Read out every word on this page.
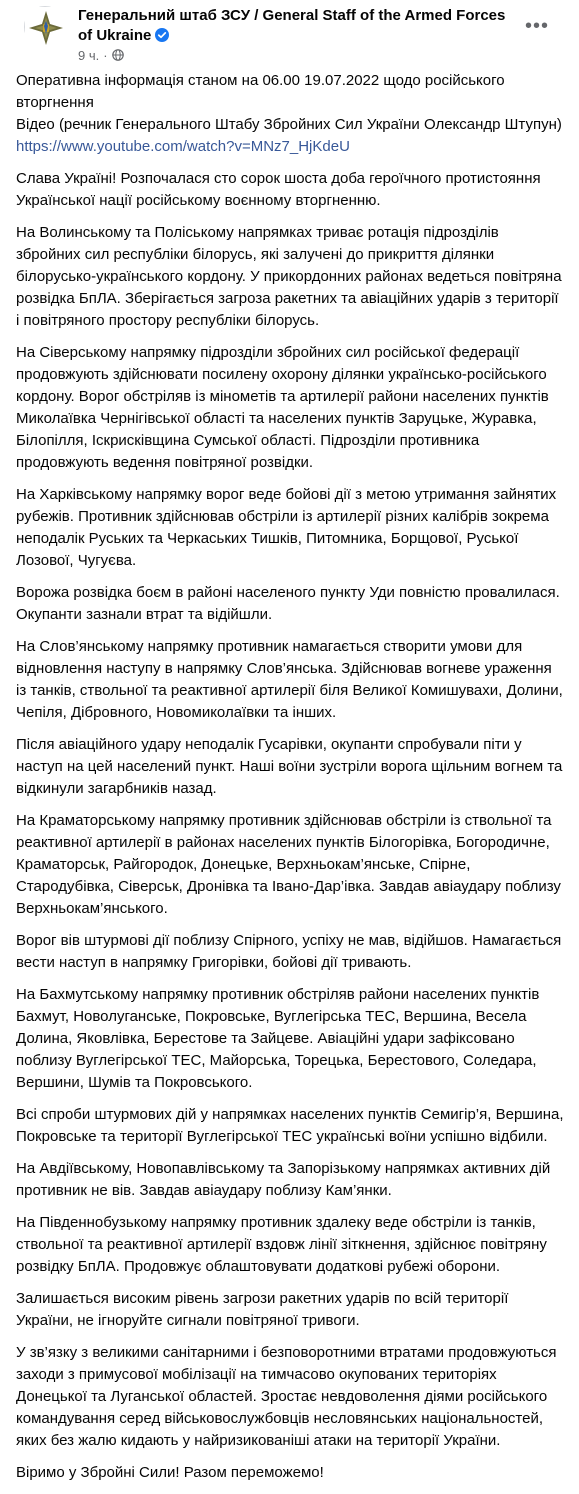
Генеральний штаб ЗСУ / General Staff of the Armed Forces of Ukraine
9 ч. ·
•••

Оперативна інформація станом на 06.00 19.07.2022 щодо російського вторгнення
Відео (речник Генерального Штабу Збройних Сил України Олександр Штупун)
https://www.youtube.com/watch?v=MNz7_HjKdeU

Слава Україні! Розпочалася сто сорок шоста доба героїчного протистояння Української нації російському воєнному вторгненню.

На Волинському та Поліському напрямках триває ротація підрозділів збройних сил республіки білорусь, які залучені до прикриття ділянки білорусько-українського кордону. У прикордонних районах ведеться повітряна розвідка БпЛА. Зберігається загроза ракетних та авіаційних ударів з території і повітряного простору республіки білорусь.

На Сіверському напрямку підрозділи збройних сил російської федерації продовжують здійснювати посилену охорону ділянки українсько-російського кордону. Ворог обстріляв із мінометів та артилерії райони населених пунктів Миколаївка Чернігівської області та населених пунктів Заруцьке, Журавка, Білопілля, Іскрисківщина Сумської області. Підрозділи противника продовжують ведення повітряної розвідки.

На Харківському напрямку ворог веде бойові дії з метою утримання зайнятих рубежів. Противник здійснював обстріли із артилерії різних калібрів зокрема неподалік Руських та Черкаських Тишків, Питомника, Борщової, Руської Лозової, Чугуєва.

Ворожа розвідка боєм в районі населеного пункту Уди повністю провалилася. Окупанти зазнали втрат та відійшли.

На Слов’янському напрямку противник намагається створити умови для відновлення наступу в напрямку Слов’янська. Здійснював вогневе ураження із танків, ствольної та реактивної артилерії біля Великої Комишувахи, Долини, Чепіля, Дібровного, Новомиколаївки та інших.

Після авіаційного удару неподалік Гусарівки, окупанти спробували піти у наступ на цей населений пункт. Наші воїни зустріли ворога щільним вогнем та відкинули загарбників назад.

На Краматорському напрямку противник здійснював обстріли із ствольної та реактивної артилерії в районах населених пунктів Білогорівка, Богородичне, Краматорськ, Райгородок, Донецьке, Верхньокам’янське, Спірне, Стародубівка, Сіверськ, Дронівка та Івано-Дар’івка. Завдав авіаудару поблизу Верхньокам’янського.

Ворог вів штурмові дії поблизу Спірного, успіху не мав, відійшов. Намагається вести наступ в напрямку Григорівки, бойові дії тривають.

На Бахмутському напрямку противник обстріляв райони населених пунктів Бахмут, Новолуганське, Покровське, Вуглегірська ТЕС, Вершина, Весела Долина, Яковлівка, Берестове та Зайцеве. Авіаційні удари зафіксовано поблизу Вуглегірської ТЕС, Майорська, Торецька, Берестового, Соледара, Вершини, Шумів та Покровського.

Всі спроби штурмових дій у напрямках населених пунктів Семигір’я, Вершина, Покровське та території Вуглегірської ТЕС українські воїни успішно відбили.

На Авдіївському, Новопавлівському та Запорізькому напрямках активних дій противник не вів. Завдав авіаудару поблизу Кам’янки.

На Південнобузькому напрямку противник здалеку веде обстріли із танків, ствольної та реактивної артилерії вздовж лінії зіткнення, здійснює повітряну розвідку БпЛА. Продовжує облаштовувати додаткові рубежі оборони.

Залишається високим рівень загрози ракетних ударів по всій території України, не ігноруйте сигнали повітряної тривоги.

У зв’язку з великими санітарними і безповоротними втратами продовжуються заходи з примусової мобілізації на тимчасово окупованих територіях Донецької та Луганської областей. Зростає невдоволення діями російського командування серед військовослужбовців несловянських національностей, яких без жалю кидають у найризикованіші атаки на території України.

Віримо у Збройні Сили! Разом переможемо!
